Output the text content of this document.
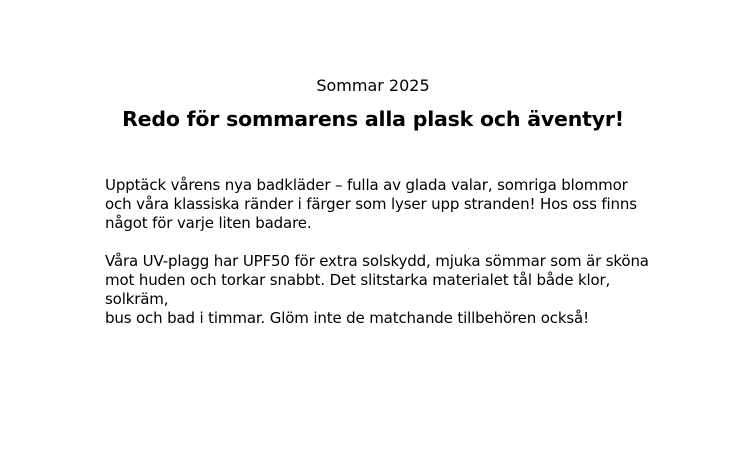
Sommar 2025
Redo för sommarens alla plask och äventyr!

Upptäck vårens nya badkläder – fulla av glada valar, somriga blommor
och våra klassiska ränder i färger som lyser upp stranden! Hos oss finns
något för varje liten badare.

Våra UV-plagg har UPF50 för extra solskydd, mjuka sömmar som är sköna
mot huden och torkar snabbt. Det slitstarka materialet tål både klor, solkräm,
bus och bad i timmar. Glöm inte de matchande tillbehören också!
